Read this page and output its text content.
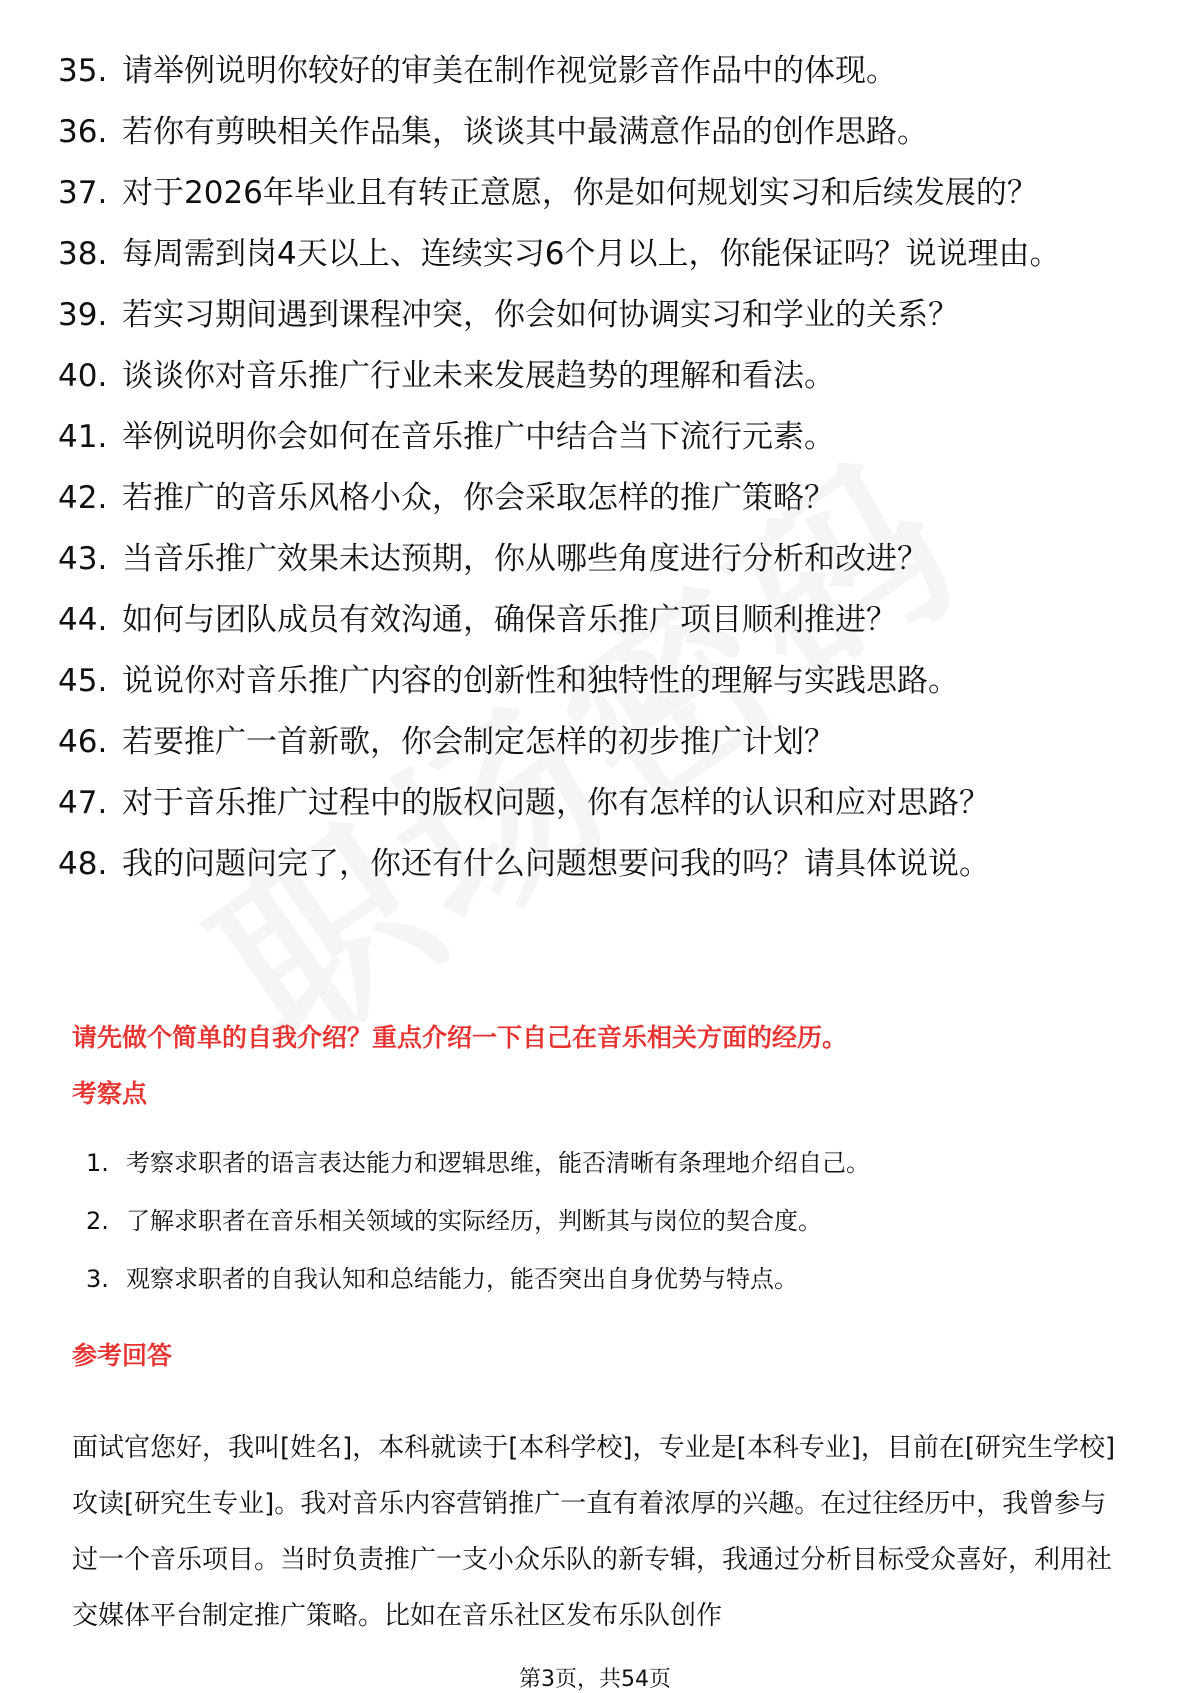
35. 请举例说明你较好的审美在制作视觉影音作品中的体现。
36. 若你有剪映相关作品集，谈谈其中最满意作品的创作思路。
37. 对于2026年毕业且有转正意愿，你是如何规划实习和后续发展的？
38. 每周需到岗4天以上、连续实习6个月以上，你能保证吗？说说理由。
39. 若实习期间遇到课程冲突，你会如何协调实习和学业的关系？
40. 谈谈你对音乐推广行业未来发展趋势的理解和看法。
41. 举例说明你会如何在音乐推广中结合当下流行元素。
42. 若推广的音乐风格小众，你会采取怎样的推广策略？
43. 当音乐推广效果未达预期，你从哪些角度进行分析和改进？
44. 如何与团队成员有效沟通，确保音乐推广项目顺利推进？
45. 说说你对音乐推广内容的创新性和独特性的理解与实践思路。
46. 若要推广一首新歌，你会制定怎样的初步推广计划？
47. 对于音乐推广过程中的版权问题，你有怎样的认识和应对思路？
48. 我的问题问完了，你还有什么问题想要问我的吗？请具体说说。
请先做个简单的自我介绍？重点介绍一下自己在音乐相关方面的经历。
考察点
1. 考察求职者的语言表达能力和逻辑思维，能否清晰有条理地介绍自己。
2. 了解求职者在音乐相关领域的实际经历，判断其与岗位的契合度。
3. 观察求职者的自我认知和总结能力，能否突出自身优势与特点。
参考回答
面试官您好，我叫[姓名]，本科就读于[本科学校]，专业是[本科专业]，目前在[研究生学校]攻读[研究生专业]。我对音乐内容营销推广一直有着浓厚的兴趣。在过往经历中，我曾参与过一个音乐项目。当时负责推广一支小众乐队的新专辑，我通过分析目标受众喜好，利用社交媒体平台制定推广策略。比如在音乐社区发布乐队创作
第3页，共54页
